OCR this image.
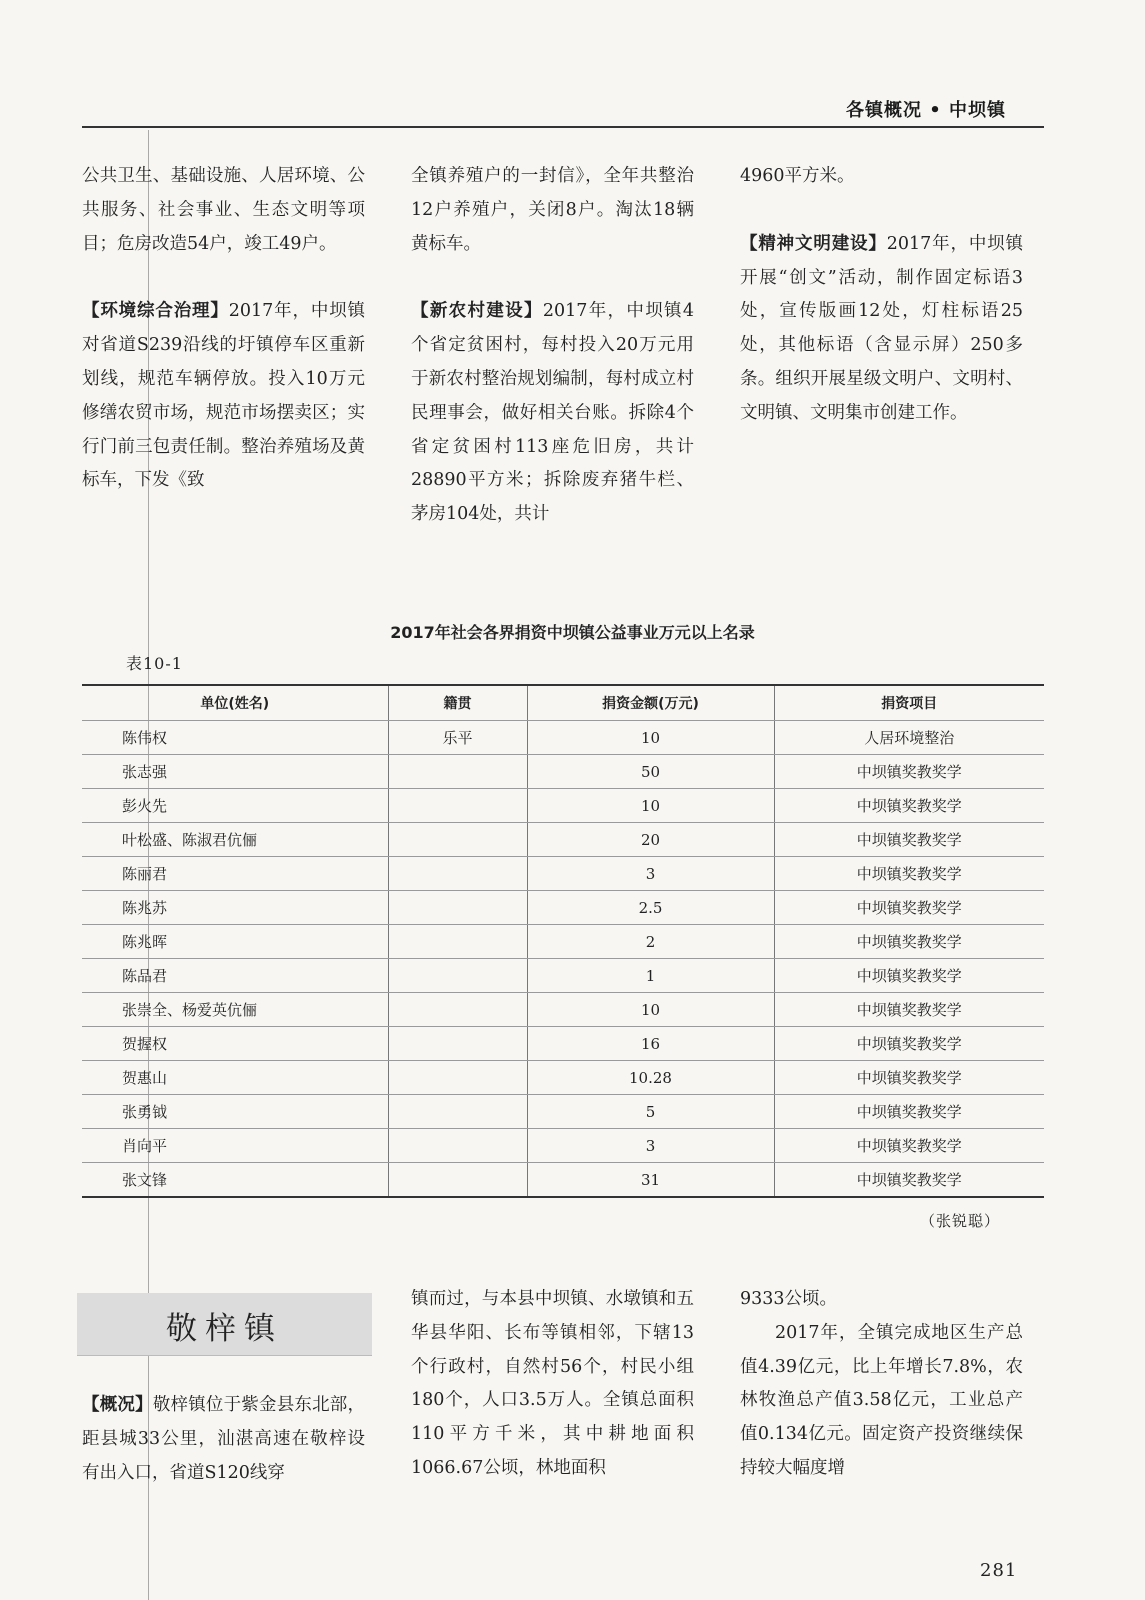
各镇概况 • 中坝镇

公共卫生、基础设施、人居环境、公共服务、社会事业、生态文明等项目；危房改造54户，竣工49户。

【环境综合治理】2017年，中坝镇对省道S239沿线的圩镇停车区重新划线，规范车辆停放。投入10万元修缮农贸市场，规范市场摆卖区；实行门前三包责任制。整治养殖场及黄标车，下发《致

全镇养殖户的一封信》，全年共整治12户养殖户，关闭8户。淘汰18辆黄标车。

【新农村建设】2017年，中坝镇4个省定贫困村，每村投入20万元用于新农村整治规划编制，每村成立村民理事会，做好相关台账。拆除4个省定贫困村113座危旧房，共计28890平方米；拆除废弃猪牛栏、茅房104处，共计

4960平方米。

【精神文明建设】2017年，中坝镇开展“创文”活动，制作固定标语3处，宣传版画12处，灯柱标语25处，其他标语（含显示屏）250多条。组织开展星级文明户、文明村、文明镇、文明集市创建工作。

2017年社会各界捐资中坝镇公益事业万元以上名录
表10-1
单位(姓名)	籍贯	捐资金额(万元)	捐资项目
陈伟权	乐平	10	人居环境整治
张志强		50	中坝镇奖教奖学
彭火先		10	中坝镇奖教奖学
叶松盛、陈淑君伉俪		20	中坝镇奖教奖学
陈丽君		3	中坝镇奖教奖学
陈兆苏		2.5	中坝镇奖教奖学
陈兆晖		2	中坝镇奖教奖学
陈品君		1	中坝镇奖教奖学
张崇全、杨爱英伉俪		10	中坝镇奖教奖学
贺握权		16	中坝镇奖教奖学
贺惠山		10.28	中坝镇奖教奖学
张勇钺		5	中坝镇奖教奖学
肖向平		3	中坝镇奖教奖学
张文锋		31	中坝镇奖教奖学
（张锐聪）
敬梓镇

【概况】敬梓镇位于紫金县东北部，距县城33公里，汕湛高速在敬梓设有出入口，省道S120线穿

镇而过，与本县中坝镇、水墩镇和五华县华阳、长布等镇相邻，下辖13个行政村，自然村56个，村民小组180个，人口3.5万人。全镇总面积110平方千米，其中耕地面积1066.67公顷，林地面积

9333公顷。

2017年，全镇完成地区生产总值4.39亿元，比上年增长7.8%，农林牧渔总产值3.58亿元，工业总产值0.134亿元。固定资产投资继续保持较大幅度增

281
